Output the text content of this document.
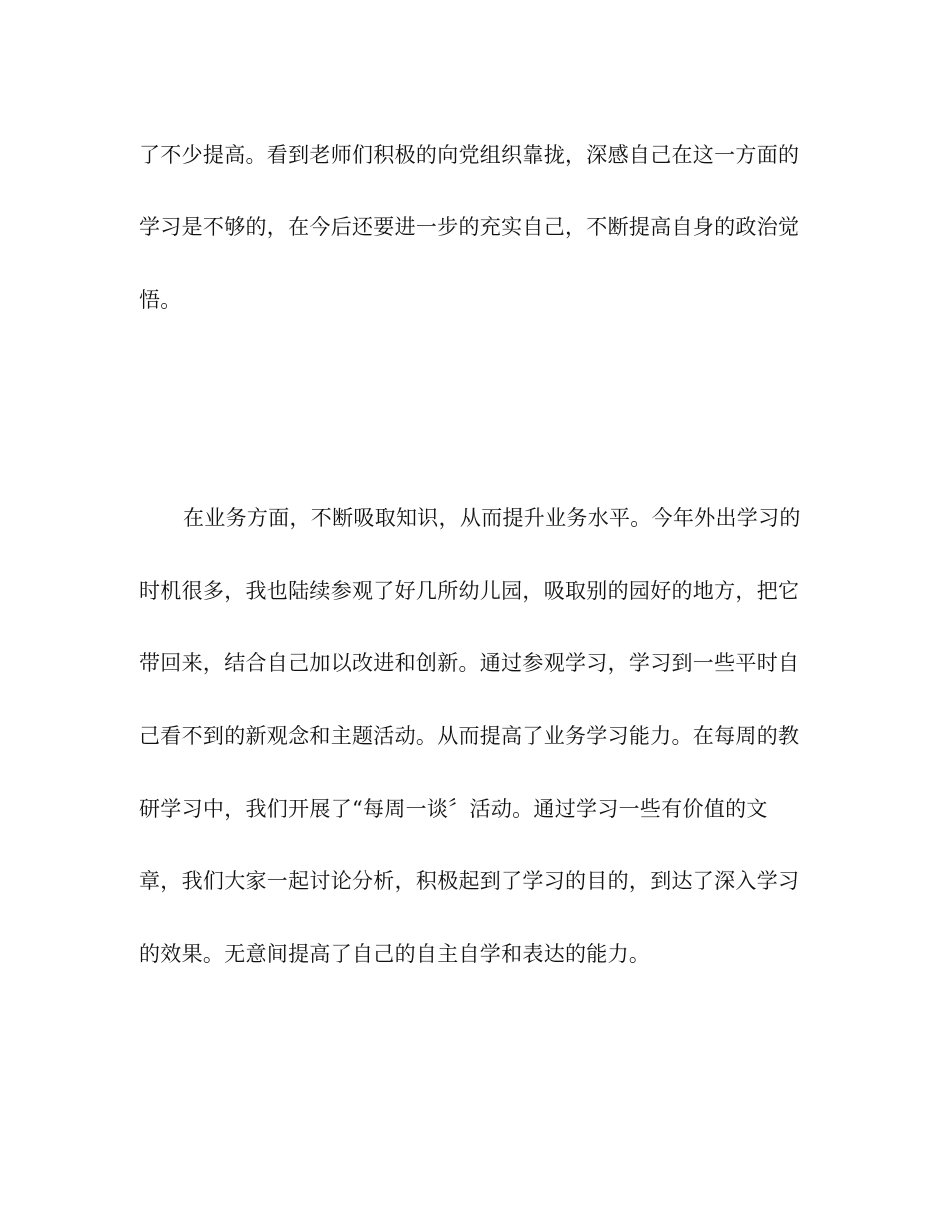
了不少提高。看到老师们积极的向党组织靠拢，深感自己在这一方面的
学习是不够的，在今后还要进一步的充实自己，不断提高自身的政治觉
悟。
在业务方面，不断吸取知识，从而提升业务水平。今年外出学习的
时机很多，我也陆续参观了好几所幼儿园，吸取别的园好的地方，把它
带回来，结合自己加以改进和创新。通过参观学习，学习到一些平时自
己看不到的新观念和主题活动。从而提高了业务学习能力。在每周的教
研学习中，我们开展了“每周一谈〞活动。通过学习一些有价值的文
章，我们大家一起讨论分析，积极起到了学习的目的，到达了深入学习
的效果。无意间提高了自己的自主自学和表达的能力。
